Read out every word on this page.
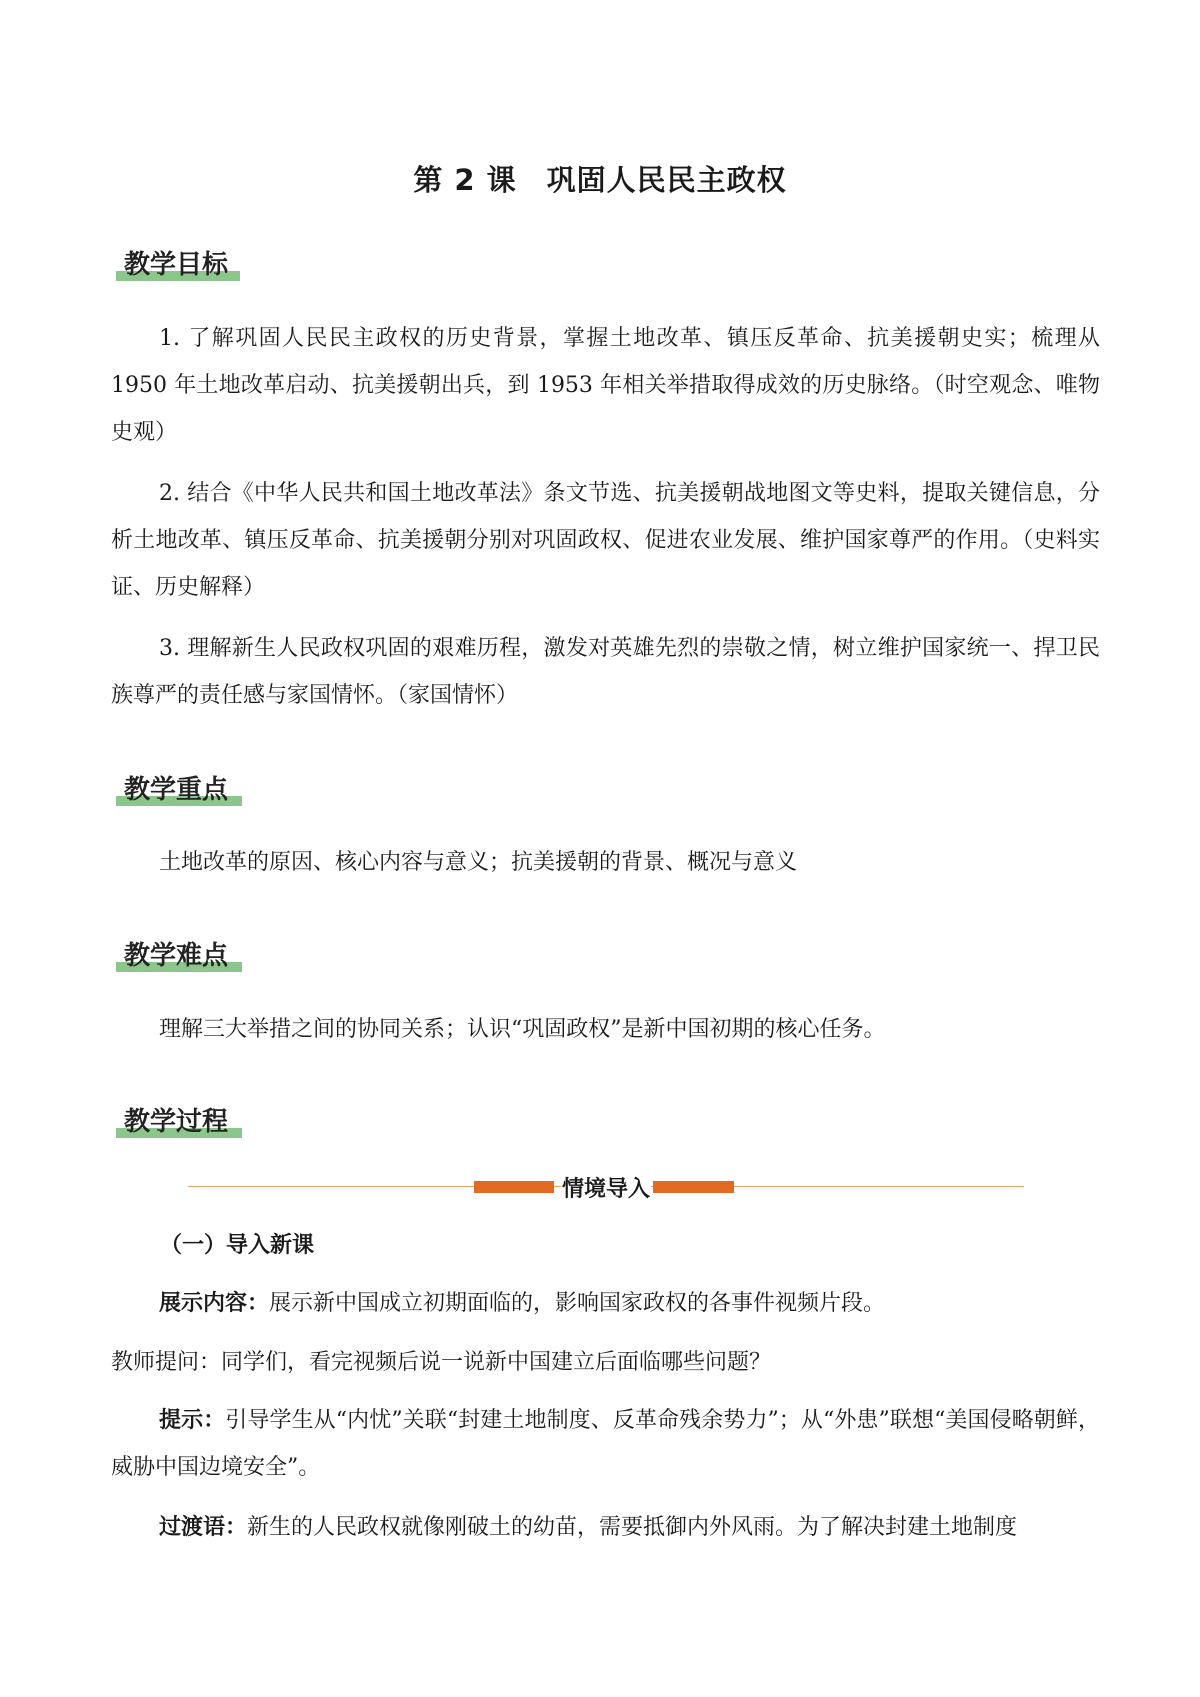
第 2 课　巩固人民民主政权
教学目标

1. 了解巩固人民民主政权的历史背景，掌握土地改革、镇压反革命、抗美援朝史实；梳理从 1950 年土地改革启动、抗美援朝出兵，到 1953 年相关举措取得成效的历史脉络。（时空观念、唯物史观）

2. 结合《中华人民共和国土地改革法》条文节选、抗美援朝战地图文等史料，提取关键信息，分析土地改革、镇压反革命、抗美援朝分别对巩固政权、促进农业发展、维护国家尊严的作用。（史料实证、历史解释）

3. 理解新生人民政权巩固的艰难历程，激发对英雄先烈的崇敬之情，树立维护国家统一、捍卫民族尊严的责任感与家国情怀。（家国情怀）

教学重点

土地改革的原因、核心内容与意义；抗美援朝的背景、概况与意义

教学难点

理解三大举措之间的协同关系；认识“巩固政权”是新中国初期的核心任务。

教学过程
情境导入
（一）导入新课

展示内容：展示新中国成立初期面临的，影响国家政权的各事件视频片段。

教师提问：同学们，看完视频后说一说新中国建立后面临哪些问题？

提示：引导学生从“内忧”关联“封建土地制度、反革命残余势力”；从“外患”联想“美国侵略朝鲜，威胁中国边境安全”。

过渡语：新生的人民政权就像刚破土的幼苗，需要抵御内外风雨。为了解决封建土地制度
